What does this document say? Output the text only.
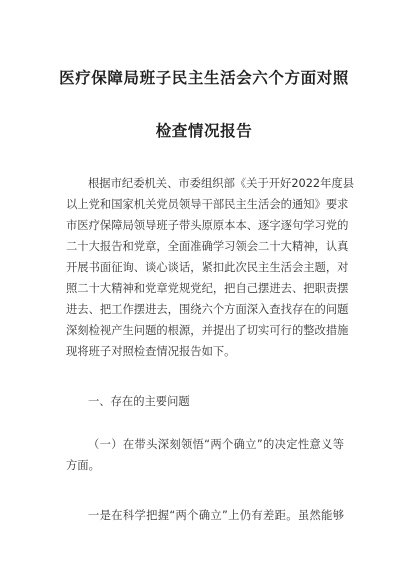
医疗保障局班子民主生活会六个方面对照
检查情况报告
根据市纪委机关、市委组织部《关于开好2022年度县
以上党和国家机关党员领导干部民主生活会的通知》要求
市医疗保障局领导班子带头原原本本、逐字逐句学习党的
二十大报告和党章，全面准确学习领会二十大精神，认真
开展书面征询、谈心谈话，紧扣此次民主生活会主题，对
照二十大精神和党章党规党纪，把自己摆进去、把职责摆
进去、把工作摆进去，围绕六个方面深入查找存在的问题
深刻检视产生问题的根源，并提出了切实可行的整改措施
现将班子对照检查情况报告如下。
一、存在的主要问题
（一）在带头深刻领悟“两个确立”的决定性意义等
方面。
一是在科学把握“两个确立”上仍有差距。虽然能够
